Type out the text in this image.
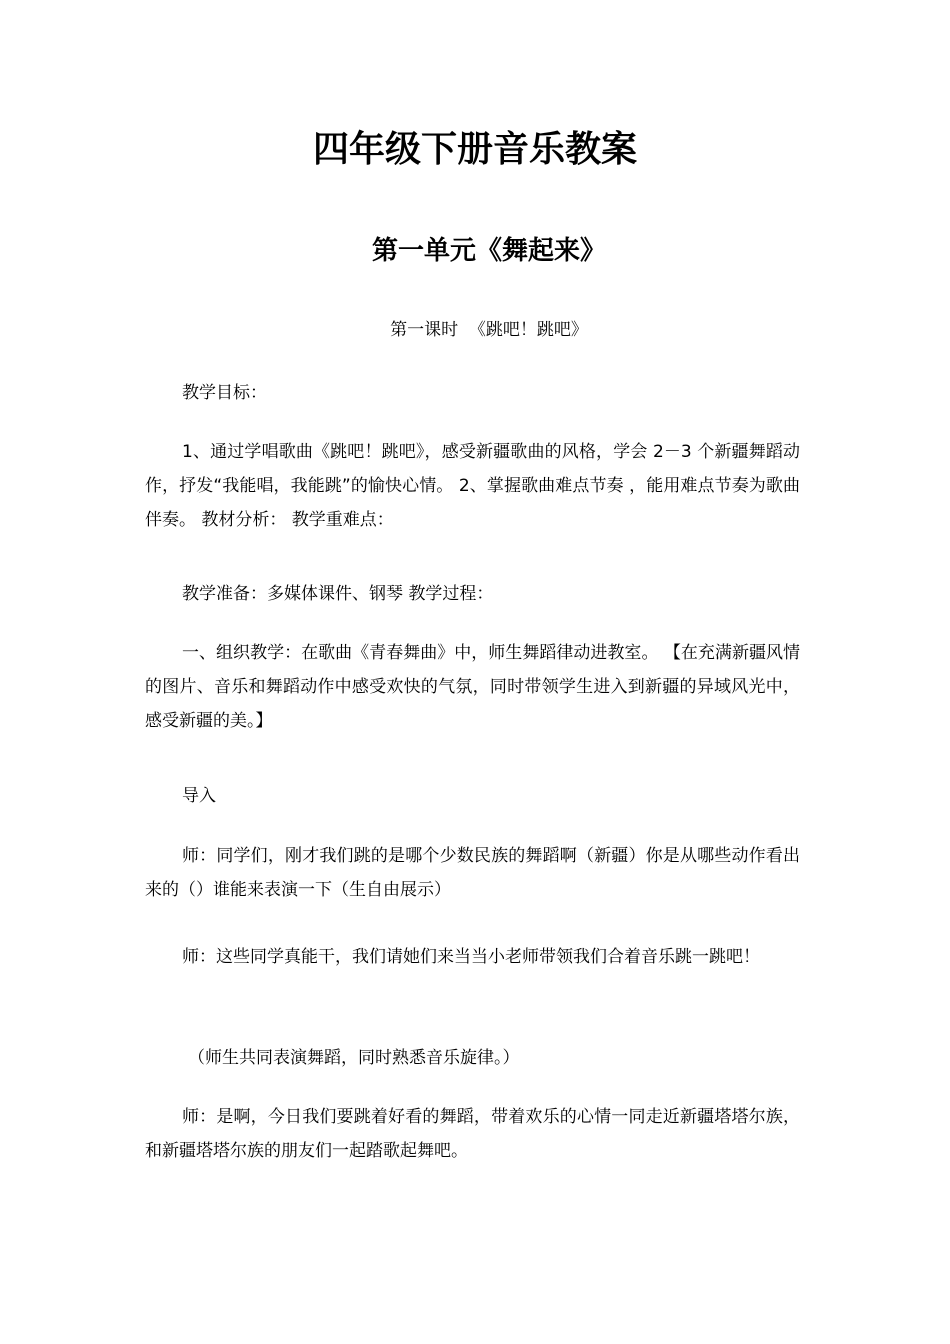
四年级下册音乐教案
第一单元《舞起来》

第一课时  《跳吧！跳吧》

教学目标：

1、通过学唱歌曲《跳吧！跳吧》，感受新疆歌曲的风格，学会 2－3 个新疆舞蹈动作，抒发“我能唱，我能跳”的愉快心情。 2、掌握歌曲难点节奏 ，能用难点节奏为歌曲伴奏。 教材分析： 教学重难点：

教学准备：多媒体课件、钢琴 教学过程：

一、组织教学：在歌曲《青春舞曲》中，师生舞蹈律动进教室。 【在充满新疆风情的图片、音乐和舞蹈动作中感受欢快的气氛，同时带领学生进入到新疆的异域风光中，感受新疆的美。】

导入

师：同学们，刚才我们跳的是哪个少数民族的舞蹈啊（新疆）你是从哪些动作看出来的（）谁能来表演一下（生自由展示）

师：这些同学真能干，我们请她们来当当小老师带领我们合着音乐跳一跳吧！

（师生共同表演舞蹈，同时熟悉音乐旋律。）

师：是啊，今日我们要跳着好看的舞蹈，带着欢乐的心情一同走近新疆塔塔尔族，和新疆塔塔尔族的朋友们一起踏歌起舞吧。
